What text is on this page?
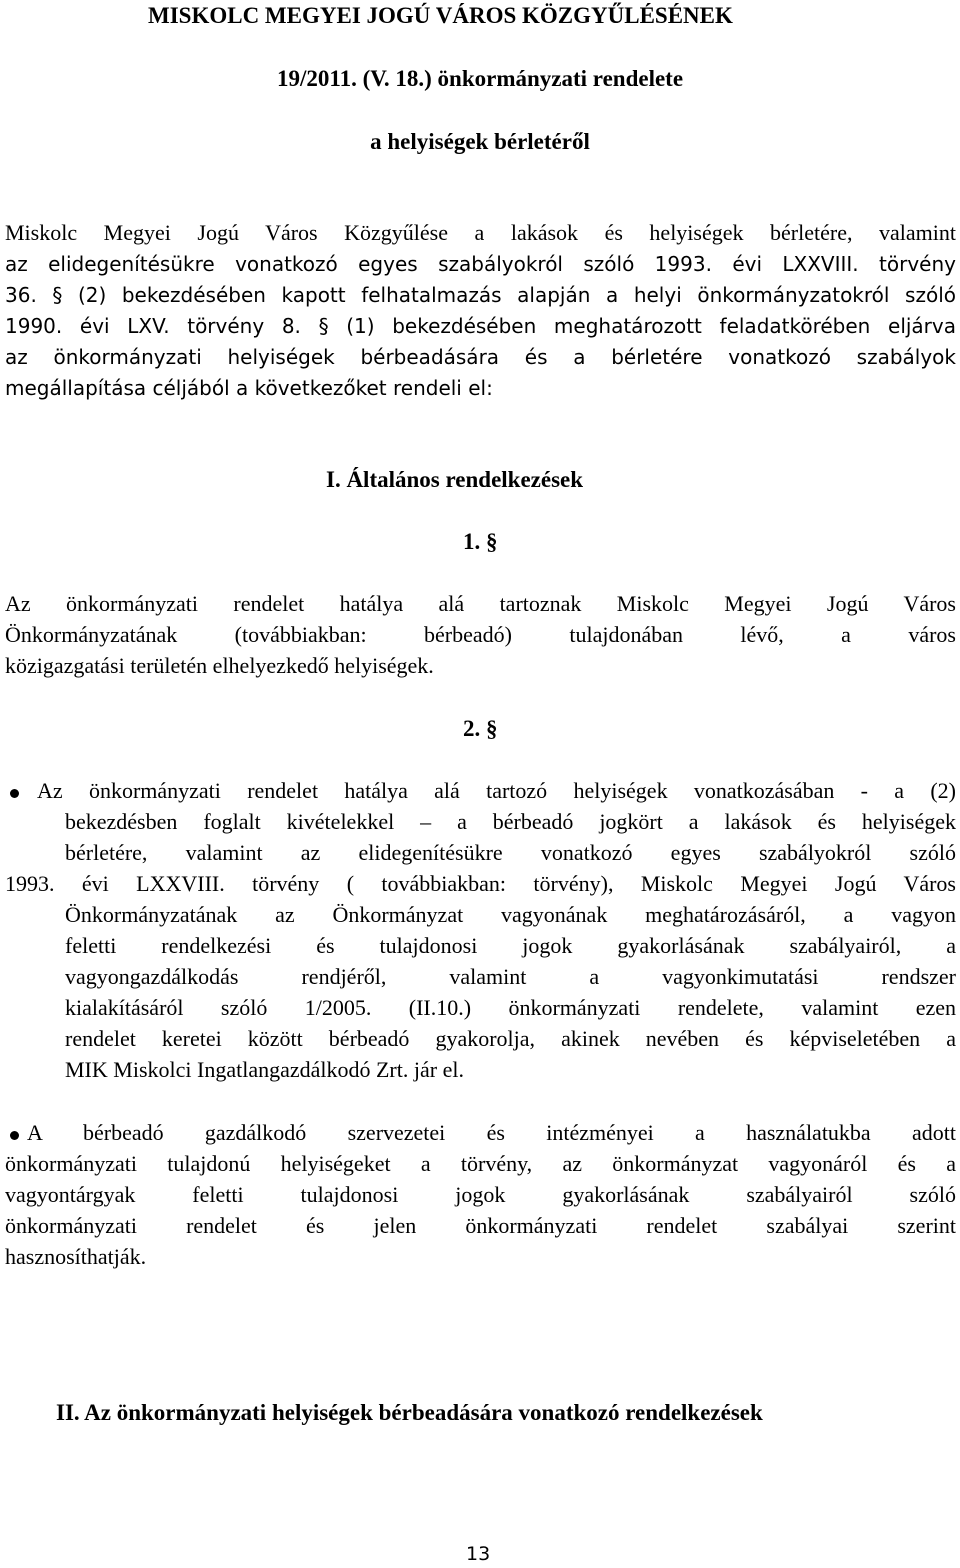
MISKOLC MEGYEI JOGÚ VÁROS KÖZGYŰLÉSÉNEK
19/2011. (V. 18.) önkormányzati rendelete
a helyiségek bérletéről
Miskolc Megyei Jogú Város Közgyűlése a lakások és helyiségek bérletére, valamint
az elidegenítésükre vonatkozó egyes szabályokról szóló 1993. évi LXXVIII. törvény
36. § (2) bekezdésében kapott felhatalmazás alapján a helyi önkormányzatokról szóló
1990. évi LXV. törvény 8. § (1) bekezdésében meghatározott feladatkörében eljárva
az önkormányzati helyiségek bérbeadására és a bérletére vonatkozó szabályok
megállapítása céljából a következőket rendeli el:
I. Általános rendelkezések
1. §
Az önkormányzati rendelet hatálya alá tartoznak Miskolc Megyei Jogú Város
Önkormányzatának (továbbiakban: bérbeadó) tulajdonában lévő, a város
közigazgatási területén elhelyezkedő helyiségek.
2. §
Az önkormányzati rendelet hatálya alá tartozó helyiségek vonatkozásában - a (2)
bekezdésben foglalt kivételekkel – a bérbeadó jogkört a lakások és helyiségek
bérletére, valamint az elidegenítésükre vonatkozó egyes szabályokról szóló
1993. évi LXXVIII. törvény ( továbbiakban: törvény), Miskolc Megyei Jogú Város
Önkormányzatának az Önkormányzat vagyonának meghatározásáról, a vagyon
feletti rendelkezési és tulajdonosi jogok gyakorlásának szabályairól, a
vagyongazdálkodás rendjéről, valamint a vagyonkimutatási rendszer
kialakításáról szóló 1/2005. (II.10.) önkormányzati rendelete, valamint ezen
rendelet keretei között bérbeadó gyakorolja, akinek nevében és képviseletében a
MIK Miskolci Ingatlangazdálkodó Zrt. jár el.
A bérbeadó gazdálkodó szervezetei és intézményei a használatukba adott
önkormányzati tulajdonú helyiségeket a törvény, az önkormányzat vagyonáról és a
vagyontárgyak feletti tulajdonosi jogok gyakorlásának szabályairól szóló
önkormányzati rendelet és jelen önkormányzati rendelet szabályai szerint
hasznosíthatják.
II. Az önkormányzati helyiségek bérbeadására vonatkozó rendelkezések
13
